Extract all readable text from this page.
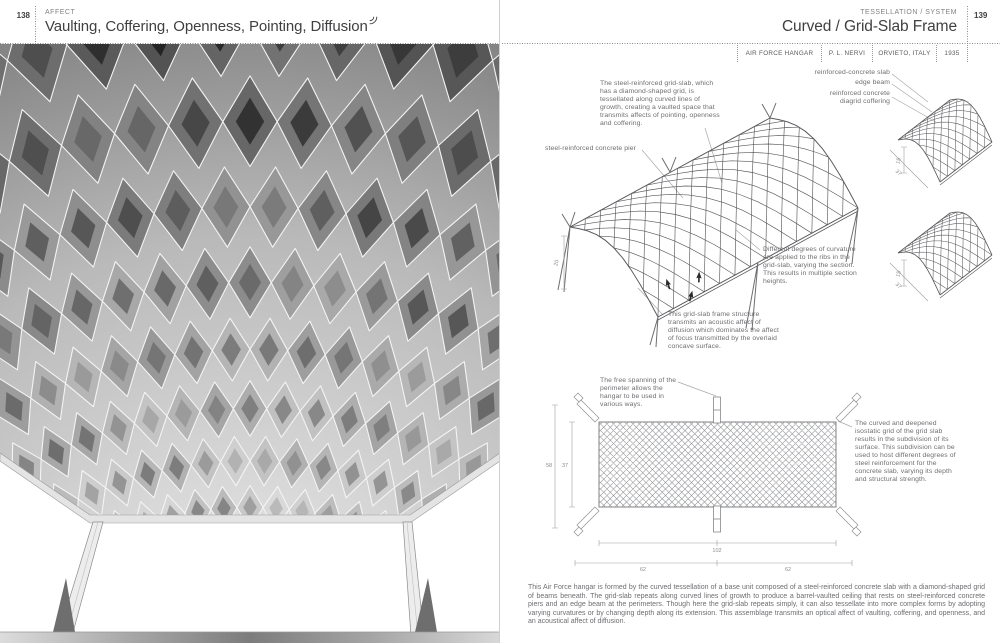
138 AFFECT
Vaulting, Coffering, Openness, Pointing, Diffusion
TESSELLATION / SYSTEM
Curved / Grid-Slab Frame
139
AIR FORCE HANGAR	P. L. NERVI	ORVIETO, ITALY	1935
20
15
37
15
37
58 37
102
62	62
The steel-reinforced grid-slab, which has a diamond-shaped grid, is tessellated along curved lines of growth, creating a vaulted space that transmits affects of pointing, openness and coffering.
steel-reinforced concrete pier
reinforced-concrete slab
edge beam
reinforced concrete diagrid coffering
Different degrees of curvature are applied to the ribs in the grid-slab, varying the section. This results in multiple section heights.
This grid-slab frame structure transmits an acoustic affect of diffusion which dominates the affect of focus transmitted by the overlaid concave surface.
The free spanning of the perimeter allows the hangar to be used in various ways.
The curved and deepened isostatic grid of the grid slab results in the subdivision of its surface. This subdivision can be used to host different degrees of steel reinforcement for the concrete slab, varying its depth and structural strength.
This Air Force hangar is formed by the curved tessellation of a base unit composed of a steel-reinforced concrete slab with a diamond-shaped grid of beams beneath. The grid-slab repeats along curved lines of growth to produce a barrel-vaulted ceiling that rests on steel-reinforced concrete piers and an edge beam at the perimeters. Though here the grid-slab repeats simply, it can also tessellate into more complex forms by adopting varying curvatures or by changing depth along its extension. This assemblage transmits an optical affect of vaulting, coffering, and openness, and an acoustical affect of diffusion.
